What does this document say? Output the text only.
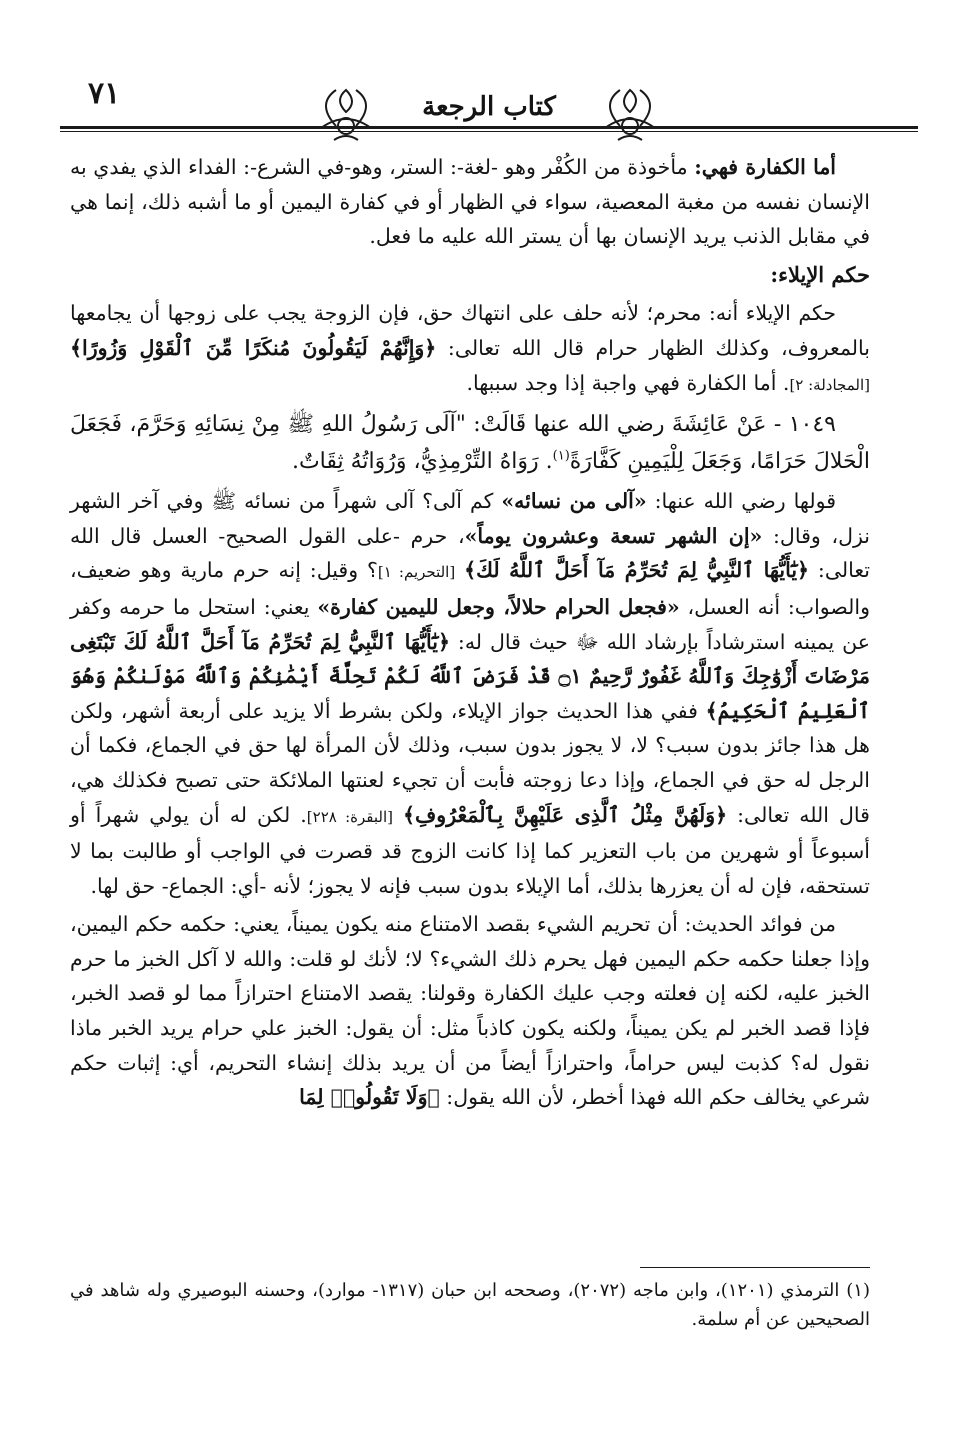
٧١	كتاب الرجعة

أما الكفارة فهي: مأخوذة من الكُفْر وهو -لغة-: الستر، وهو-في الشرع-: الفداء الذي يفدي به الإنسان نفسه من مغبة المعصية، سواء في الظهار أو في كفارة اليمين أو ما أشبه ذلك، إنما هي في مقابل الذنب يريد الإنسان بها أن يستر الله عليه ما فعل.

حكم الإيلاء:

حكم الإيلاء أنه: محرم؛ لأنه حلف على انتهاك حق، فإن الزوجة يجب على زوجها أن يجامعها بالمعروف، وكذلك الظهار حرام قال الله تعالى: ﴿وَإِنَّهُمْ لَيَقُولُونَ مُنكَرًا مِّنَ ٱلْقَوْلِ وَزُورًا﴾ [المجادلة: ٢]. أما الكفارة فهي واجبة إذا وجد سببها.

١٠٤٩ - عَنْ عَائِشَةَ رضي الله عنها قَالَتْ: "آلَى رَسُولُ اللهِ ﷺ مِنْ نِسَائِهِ وَحَرَّمَ، فَجَعَلَ الْحَلالَ حَرَامًا، وَجَعَلَ لِلْيَمِينِ كَفَّارَةً$^{(١)}$. رَوَاهُ التِّرْمِذِيُّ، وَرُوَاتُهُ ثِقَاتٌ.

قولها رضي الله عنها: «آلى من نسائه» كم آلى؟ آلى شهراً من نسائه ﷺ وفي آخر الشهر نزل، وقال: «إن الشهر تسعة وعشرون يوماً»، حرم -على القول الصحيح- العسل قال الله تعالى: ﴿يَٰٓأَيُّهَا ٱلنَّبِيُّ لِمَ تُحَرِّمُ مَآ أَحَلَّ ٱللَّهُ لَكَ﴾ [التحريم: ١]؟ وقيل: إنه حرم مارية وهو ضعيف، والصواب: أنه العسل، «فجعل الحرام حلالاً، وجعل لليمين كفارة» يعني: استحل ما حرمه وكفر عن يمينه استرشاداً بإرشاد الله ﷻ حيث قال له: ﴿يَٰٓأَيُّهَا ٱلنَّبِيُّ لِمَ تُحَرِّمُ مَآ أَحَلَّ ٱللَّهُ لَكَ تَبْتَغِى مَرْضَاتَ أَزْوَٰجِكَ وَٱللَّهُ غَفُورٌ رَّحِيمٌ ۝١ قَدْ فَرَضَ ٱللَّهُ لَكُمْ تَحِلَّةَ أَيْمَٰنِكُمْ وَٱللَّهُ مَوْلَىٰكُمْ وَهُوَ ٱلْعَلِيمُ ٱلْحَكِيمُ﴾ ففي هذا الحديث جواز الإيلاء، ولكن بشرط ألا يزيد على أربعة أشهر، ولكن هل هذا جائز بدون سبب؟ لا، لا يجوز بدون سبب، وذلك لأن المرأة لها حق في الجماع، فكما أن الرجل له حق في الجماع، وإذا دعا زوجته فأبت أن تجيء لعنتها الملائكة حتى تصبح فكذلك هي، قال الله تعالى: ﴿وَلَهُنَّ مِثْلُ ٱلَّذِى عَلَيْهِنَّ بِٱلْمَعْرُوفِ﴾ [البقرة: ٢٢٨]. لكن له أن يولي شهراً أو أسبوعاً أو شهرين من باب التعزير كما إذا كانت الزوج قد قصرت في الواجب أو طالبت بما لا تستحقه، فإن له أن يعزرها بذلك، أما الإيلاء بدون سبب فإنه لا يجوز؛ لأنه -أي: الجماع- حق لها.

من فوائد الحديث: أن تحريم الشيء بقصد الامتناع منه يكون يميناً، يعني: حكمه حكم اليمين، وإذا جعلنا حكمه حكم اليمين فهل يحرم ذلك الشيء؟ لا؛ لأنك لو قلت: والله لا آكل الخبز ما حرم الخبز عليه، لكنه إن فعلته وجب عليك الكفارة وقولنا: يقصد الامتناع احترازاً مما لو قصد الخبر، فإذا قصد الخبر لم يكن يميناً، ولكنه يكون كاذباً مثل: أن يقول: الخبز علي حرام يريد الخبر ماذا نقول له؟ كذبت ليس حراماً، واحترازاً أيضاً من أن يريد بذلك إنشاء التحريم، أي: إثبات حكم شرعي يخالف حكم الله فهذا أخطر، لأن الله يقول: ﴿وَلَا تَقُولُوا۟ لِمَا

(١) الترمذي (١٢٠١)، وابن ماجه (٢٠٧٢)، وصححه ابن حبان (١٣١٧- موارد)، وحسنه البوصيري وله شاهد في الصحيحين عن أم سلمة.
